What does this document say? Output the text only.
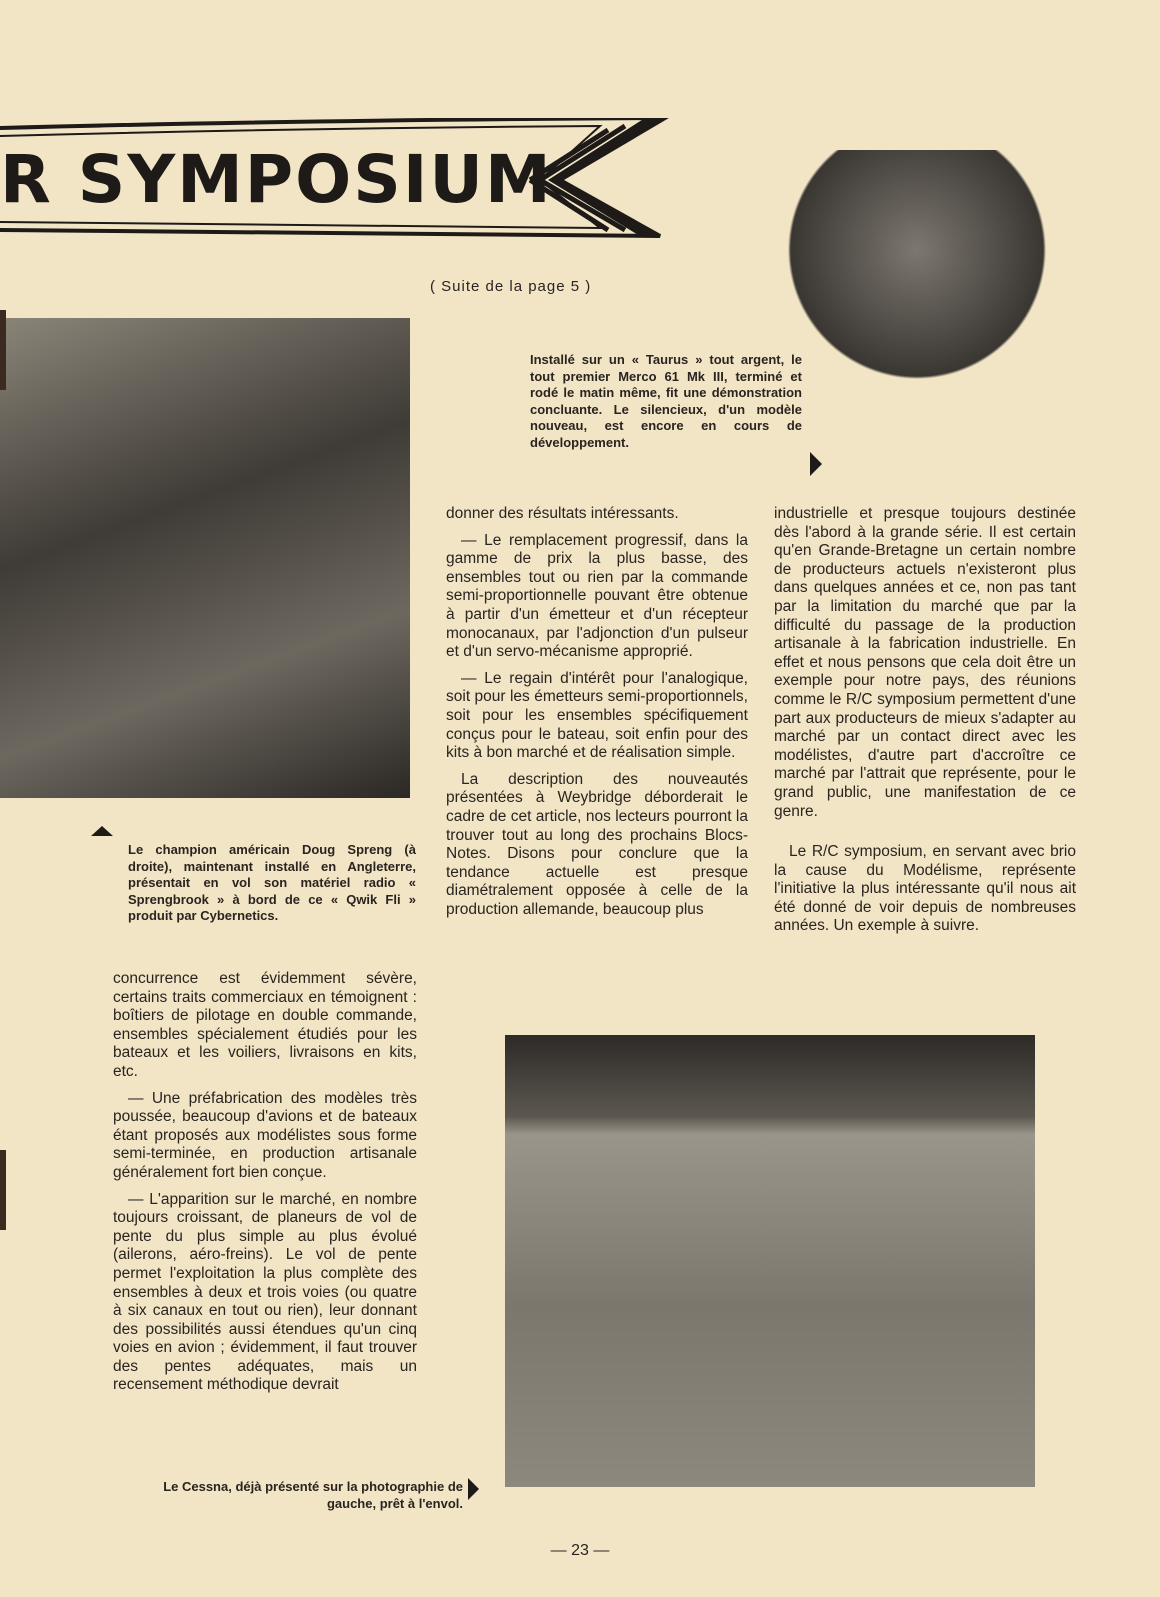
R SYMPOSIUM
( Suite de la page 5 )
Installé sur un « Taurus » tout argent, le tout premier Merco 61 Mk III, terminé et rodé le matin même, fit une démonstration concluante. Le silencieux, d'un modèle nouveau, est encore en cours de développement.
Le champion américain Doug Spreng (à droite), maintenant installé en Angleterre, présentait en vol son matériel radio « Sprengbrook » à bord de ce « Qwik Fli » produit par Cybernetics.

concurrence est évidemment sévère, certains traits commerciaux en témoignent : boîtiers de pilotage en double commande, ensembles spécialement étudiés pour les bateaux et les voiliers, livraisons en kits, etc.

— Une préfabrication des modèles très poussée, beaucoup d'avions et de bateaux étant proposés aux modélistes sous forme semi-terminée, en production artisanale généralement fort bien conçue.

— L'apparition sur le marché, en nombre toujours croissant, de planeurs de vol de pente du plus simple au plus évolué (ailerons, aéro-freins). Le vol de pente permet l'exploitation la plus complète des ensembles à deux et trois voies (ou quatre à six canaux en tout ou rien), leur donnant des possibilités aussi étendues qu'un cinq voies en avion ; évidemment, il faut trouver des pentes adéquates, mais un recensement méthodique devrait

donner des résultats intéressants.

— Le remplacement progressif, dans la gamme de prix la plus basse, des ensembles tout ou rien par la commande semi-proportionnelle pouvant être obtenue à partir d'un émetteur et d'un récepteur monocanaux, par l'adjonction d'un pulseur et d'un servo-mécanisme approprié.

— Le regain d'intérêt pour l'analogique, soit pour les émetteurs semi-proportionnels, soit pour les ensembles spécifiquement conçus pour le bateau, soit enfin pour des kits à bon marché et de réalisation simple.

La description des nouveautés présentées à Weybridge déborderait le cadre de cet article, nos lecteurs pourront la trouver tout au long des prochains Blocs-Notes. Disons pour conclure que la tendance actuelle est presque diamétralement opposée à celle de la production allemande, beaucoup plus

industrielle et presque toujours destinée dès l'abord à la grande série. Il est certain qu'en Grande-Bretagne un certain nombre de producteurs actuels n'existeront plus dans quelques années et ce, non pas tant par la limitation du marché que par la difficulté du passage de la production artisanale à la fabrication industrielle. En effet et nous pensons que cela doit être un exemple pour notre pays, des réunions comme le R/C symposium permettent d'une part aux producteurs de mieux s'adapter au marché par un contact direct avec les modélistes, d'autre part d'accroître ce marché par l'attrait que représente, pour le grand public, une manifestation de ce genre.

Le R/C symposium, en servant avec brio la cause du Modélisme, représente l'initiative la plus intéressante qu'il nous ait été donné de voir depuis de nombreuses années. Un exemple à suivre.

Le Cessna, déjà présenté sur la photographie de gauche, prêt à l'envol.
— 23 —
